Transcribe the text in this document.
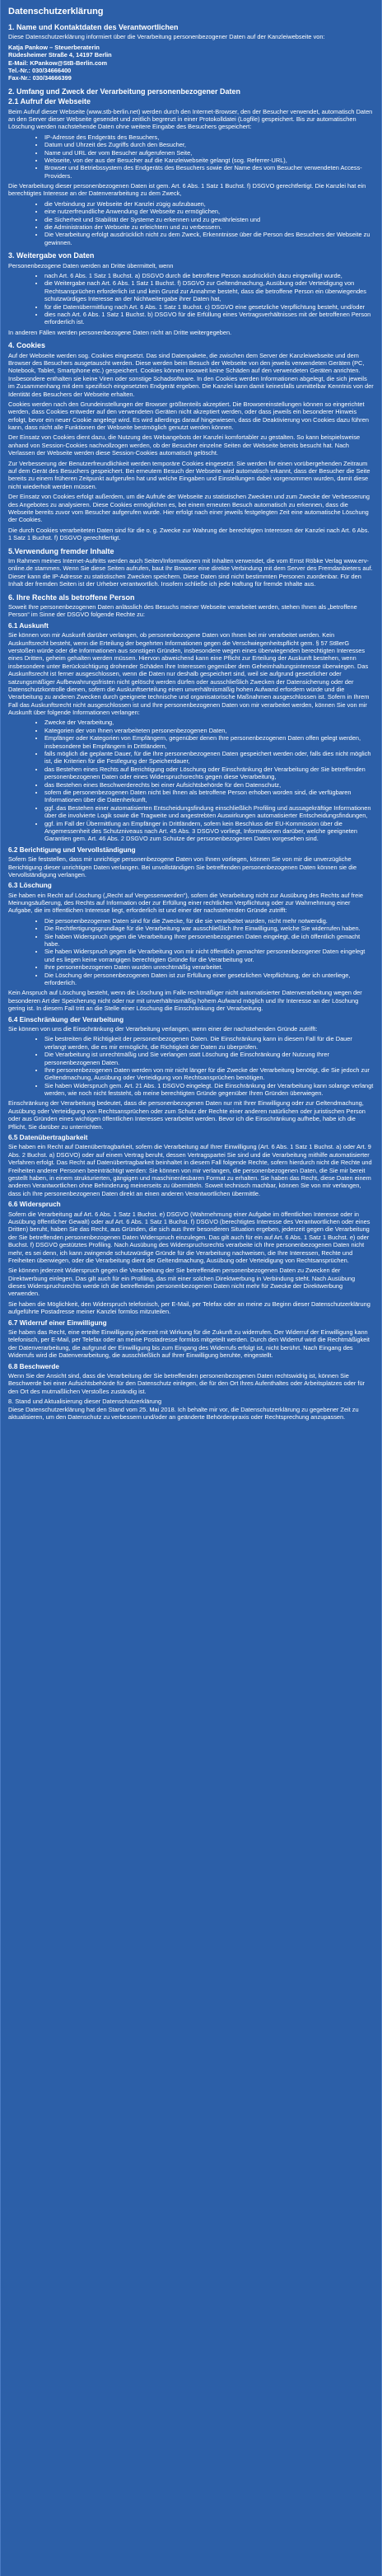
Datenschutzerklärung
1. Name und Kontaktdaten des Verantwortlichen

Diese Datenschutzerklärung informiert über die Verarbeitung personenbezogener Daten auf der Kanzleiwebseite von:

Katja Pankow – Steuerberaterin
Rüdesheimer Straße 4, 14197 Berlin
E-Mail: KPankow@StB-Berlin.com
Tel.-Nr.: 030/34666400
Fax-Nr.: 030/34666399
2. Umfang und Zweck der Verarbeitung personenbezogener Daten
2.1 Aufruf der Webseite

Beim Aufruf dieser Webseite (www.stb-berlin.net) werden durch den Internet-Browser, den der Besucher verwendet, automatisch Daten an den Server dieser Webseite gesendet und zeitlich begrenzt in einer Protokolldatei (Logfile) gespeichert. Bis zur automatischen Löschung werden nachstehende Daten ohne weitere Eingabe des Besuchers gespeichert:

• IP-Adresse des Endgeräts des Besuchers,
• Datum und Uhrzeit des Zugriffs durch den Besucher,
• Name und URL der vom Besucher aufgerufenen Seite,
• Webseite, von der aus der Besucher auf die Kanzleiwebseite gelangt (sog. Referrer-URL),
• Browser und Betriebssystem des Endgeräts des Besuchers sowie der Name des vom Besucher verwendeten Access-Providers.

Die Verarbeitung dieser personenbezogenen Daten ist gem. Art. 6 Abs. 1 Satz 1 Buchst. f) DSGVO gerechtfertigt. Die Kanzlei hat ein berechtigtes Interesse an der Datenverarbeitung zu dem Zweck,

• die Verbindung zur Webseite der Kanzlei zügig aufzubauen,
• eine nutzerfreundliche Anwendung der Webseite zu ermöglichen,
• die Sicherheit und Stabilität der Systeme zu erkennen und zu gewährleisten und
• die Administration der Webseite zu erleichtern und zu verbessern.
• Die Verarbeitung erfolgt ausdrücklich nicht zu dem Zweck, Erkenntnisse über die Person des Besuchers der Webseite zu gewinnen.
3. Weitergabe von Daten

Personenbezogene Daten werden an Dritte übermittelt, wenn

• nach Art. 6 Abs. 1 Satz 1 Buchst. a) DSGVO durch die betroffene Person ausdrücklich dazu eingewilligt wurde,
• die Weitergabe nach Art. 6 Abs. 1 Satz 1 Buchst. f) DSGVO zur Geltendmachung, Ausübung oder Verteidigung von Rechtsansprüchen erforderlich ist und kein Grund zur Annahme besteht, dass die betroffene Person ein überwiegendes schutzwürdiges Interesse an der Nichtweitergabe ihrer Daten hat,
• für die Datenübermittlung nach Art. 6 Abs. 1 Satz 1 Buchst. c) DSGVO eine gesetzliche Verpflichtung besteht, und/oder
• dies nach Art. 6 Abs. 1 Satz 1 Buchst. b) DSGVO für die Erfüllung eines Vertragsverhältnisses mit der betroffenen Person erforderlich ist.

In anderen Fällen werden personenbezogene Daten nicht an Dritte weitergegeben.

4. Cookies

Auf der Webseite werden sog. Cookies eingesetzt. Das sind Datenpakete, die zwischen dem Server der Kanzleiwebseite und dem Browser des Besuchers ausgetauscht werden. Diese werden beim Besuch der Webseite von den jeweils verwendeten Geräten (PC, Notebook, Tablet, Smartphone etc.) gespeichert. Cookies können insoweit keine Schäden auf den verwendeten Geräten anrichten. Insbesondere enthalten sie keine Viren oder sonstige Schadsoftware. In den Cookies werden Informationen abgelegt, die sich jeweils im Zusammenhang mit dem spezifisch eingesetzten Endgerät ergeben. Die Kanzlei kann damit keinesfalls unmittelbar Kenntnis von der Identität des Besuchers der Webseite erhalten.

Cookies werden nach den Grundeinstellungen der Browser größtenteils akzeptiert. Die Browsereinstellungen können so eingerichtet werden, dass Cookies entweder auf den verwendeten Geräten nicht akzeptiert werden, oder dass jeweils ein besonderer Hinweis erfolgt, bevor ein neuer Cookie angelegt wird. Es wird allerdings darauf hingewiesen, dass die Deaktivierung von Cookies dazu führen kann, dass nicht alle Funktionen der Webseite bestmöglich genutzt werden können.

Der Einsatz von Cookies dient dazu, die Nutzung des Webangebots der Kanzlei komfortabler zu gestalten. So kann beispielsweise anhand von Session-Cookies nachvollzogen werden, ob der Besucher einzelne Seiten der Webseite bereits besucht hat. Nach Verlassen der Webseite werden diese Session-Cookies automatisch gelöscht.

Zur Verbesserung der Benutzerfreundlichkeit werden temporäre Cookies eingesetzt. Sie werden für einen vorübergehenden Zeitraum auf dem Gerät des Besuchers gespeichert. Bei erneutem Besuch der Webseite wird automatisch erkannt, dass der Besucher die Seite bereits zu einem früheren Zeitpunkt aufgerufen hat und welche Eingaben und Einstellungen dabei vorgenommen wurden, damit diese nicht wiederholt werden müssen.

Der Einsatz von Cookies erfolgt außerdem, um die Aufrufe der Webseite zu statistischen Zwecken und zum Zwecke der Verbesserung des Angebotes zu analysieren. Diese Cookies ermöglichen es, bei einem erneuten Besuch automatisch zu erkennen, dass die Webseite bereits zuvor vom Besucher aufgerufen wurde. Hier erfolgt nach einer jeweils festgelegten Zeit eine automatische Löschung der Cookies.

Die durch Cookies verarbeiteten Daten sind für die o. g. Zwecke zur Wahrung der berechtigten Interessen der Kanzlei nach Art. 6 Abs. 1 Satz 1 Buchst. f) DSGVO gerechtfertigt.

5.Verwendung fremder Inhalte

Im Rahmen meines Internet-Auftritts werden auch Seiten/Informationen mit Inhalten verwendet, die vom Ernst Röbke Verlag www.erv-online.de stammen. Wenn Sie diese Seiten aufrufen, baut Ihr Browser eine direkte Verbindung mit dem Server des Fremdanbieters auf. Dieser kann die IP-Adresse zu statistischen Zwecken speichern. Diese Daten sind nicht bestimmten Personen zuordenbar. Für den Inhalt der fremden Seiten ist der Urheber verantwortlich. Insofern schließe ich jede Haftung für fremde Inhalte aus.

6. Ihre Rechte als betroffene Person

Soweit Ihre personenbezogenen Daten anlässlich des Besuchs meiner Webseite verarbeitet werden, stehen Ihnen als „betroffene Person“ im Sinne der DSGVO folgende Rechte zu:

6.1 Auskunft

Sie können von mir Auskunft darüber verlangen, ob personenbezogene Daten von Ihnen bei mir verarbeitet werden. Kein Auskunftsrecht besteht, wenn die Erteilung der begehrten Informationen gegen die Verschwiegenheitspflicht gem. § 57 StBerG verstoßen würde oder die Informationen aus sonstigen Gründen, insbesondere wegen eines überwiegenden berechtigten Interesses eines Dritten, geheim gehalten werden müssen. Hiervon abweichend kann eine Pflicht zur Erteilung der Auskunft bestehen, wenn insbesondere unter Berücksichtigung drohender Schäden Ihre Interessen gegenüber dem Geheimhaltungsinteresse überwiegen. Das Auskunftsrecht ist ferner ausgeschlossen, wenn die Daten nur deshalb gespeichert sind, weil sie aufgrund gesetzlicher oder satzungsmäßiger Aufbewahrungsfristen nicht gelöscht werden dürfen oder ausschließlich Zwecken der Datensicherung oder der Datenschutzkontrolle dienen, sofern die Auskunftserteilung einen unverhältnismäßig hohen Aufwand erfordern würde und die Verarbeitung zu anderen Zwecken durch geeignete technische und organisatorische Maßnahmen ausgeschlossen ist. Sofern in Ihrem Fall das Auskunftsrecht nicht ausgeschlossen ist und Ihre personenbezogenen Daten von mir verarbeitet werden, können Sie von mir Auskunft über folgende Informationen verlangen:

• Zwecke der Verarbeitung,
• Kategorien der von Ihnen verarbeiteten personenbezogenen Daten,
• Empfänger oder Kategorien von Empfängern, gegenüber denen Ihre personenbezogenen Daten offen gelegt werden, insbesondere bei Empfängern in Drittländern,
• falls möglich die geplante Dauer, für die Ihre personenbezogenen Daten gespeichert werden oder, falls dies nicht möglich ist, die Kriterien für die Festlegung der Speicherdauer,
• das Bestehen eines Rechts auf Berichtigung oder Löschung oder Einschränkung der Verarbeitung der Sie betreffenden personenbezogenen Daten oder eines Widerspruchsrechts gegen diese Verarbeitung,
• das Bestehen eines Beschwerderechts bei einer Aufsichtsbehörde für den Datenschutz,
• sofern die personenbezogenen Daten nicht bei Ihnen als betroffene Person erhoben worden sind, die verfügbaren Informationen über die Datenherkunft,
• ggf. das Bestehen einer automatisierten Entscheidungsfindung einschließlich Profiling und aussagekräftige Informationen über die involvierte Logik sowie die Tragweite und angestrebten Auswirkungen automatisierter Entscheidungsfindungen,
• ggf. im Fall der Übermittlung an Empfänger in Drittländern, sofern kein Beschluss der EU-Kommission über die Angemessenheit des Schutzniveaus nach Art. 45 Abs. 3 DSGVO vorliegt, Informationen darüber, welche geeigneten Garantien gem. Art. 46 Abs. 2 DSGVO zum Schutze der personenbezogenen Daten vorgesehen sind.
6.2 Berichtigung und Vervollständigung

Sofern Sie feststellen, dass mir unrichtige personenbezogene Daten von Ihnen vorliegen, können Sie von mir die unverzügliche Berichtigung dieser unrichtigen Daten verlangen. Bei unvollständigen Sie betreffenden personenbezogenen Daten können sie die Vervollständigung verlangen.

6.3 Löschung

Sie haben ein Recht auf Löschung („Recht auf Vergessenwerden“), sofern die Verarbeitung nicht zur Ausübung des Rechts auf freie Meinungsäußerung, des Rechts auf Information oder zur Erfüllung einer rechtlichen Verpflichtung oder zur Wahrnehmung einer Aufgabe, die im öffentlichen Interesse liegt, erforderlich ist und einer der nachstehenden Gründe zutrifft:

• Die personenbezogenen Daten sind für die Zwecke, für die sie verarbeitet wurden, nicht mehr notwendig.
• Die Rechtfertigungsgrundlage für die Verarbeitung war ausschließlich Ihre Einwilligung, welche Sie widerrufen haben.
• Sie haben Widerspruch gegen die Verarbeitung Ihrer personenbezogenen Daten eingelegt, die ich öffentlich gemacht habe.
• Sie haben Widerspruch gegen die Verarbeitung von mir nicht öffentlich gemachter personenbezogener Daten eingelegt und es liegen keine vorrangigen berechtigten Gründe für die Verarbeitung vor.
• Ihre personenbezogenen Daten wurden unrechtmäßig verarbeitet.
• Die Löschung der personenbezogenen Daten ist zur Erfüllung einer gesetzlichen Verpflichtung, der ich unterliege, erforderlich.

Kein Anspruch auf Löschung besteht, wenn die Löschung im Falle rechtmäßiger nicht automatisierter Datenverarbeitung wegen der besonderen Art der Speicherung nicht oder nur mit unverhältnismäßig hohem Aufwand möglich und Ihr Interesse an der Löschung gering ist. In diesem Fall tritt an die Stelle einer Löschung die Einschränkung der Verarbeitung.

6.4 Einschränkung der Verarbeitung

Sie können von uns die Einschränkung der Verarbeitung verlangen, wenn einer der nachstehenden Gründe zutrifft:

• Sie bestreiten die Richtigkeit der personenbezogenen Daten. Die Einschränkung kann in diesem Fall für die Dauer verlangt werden, die es mir ermöglicht, die Richtigkeit der Daten zu überprüfen.
• Die Verarbeitung ist unrechtmäßig und Sie verlangen statt Löschung die Einschränkung der Nutzung Ihrer personenbezogenen Daten.
• Ihre personenbezogenen Daten werden von mir nicht länger für die Zwecke der Verarbeitung benötigt, die Sie jedoch zur Geltendmachung, Ausübung oder Verteidigung von Rechtsansprüchen benötigen.
• Sie haben Widerspruch gem. Art. 21 Abs. 1 DSGVO eingelegt. Die Einschränkung der Verarbeitung kann solange verlangt werden, wie noch nicht feststeht, ob meine berechtigten Gründe gegenüber Ihren Gründen überwiegen.

Einschränkung der Verarbeitung bedeutet, dass die personenbezogenen Daten nur mit Ihrer Einwilligung oder zur Geltendmachung, Ausübung oder Verteidigung von Rechtsansprüchen oder zum Schutz der Rechte einer anderen natürlichen oder juristischen Person oder aus Gründen eines wichtigen öffentlichen Interesses verarbeitet werden. Bevor ich die Einschränkung aufhebe, habe ich die Pflicht, Sie darüber zu unterrichten.

6.5 Datenübertragbarkeit

Sie haben ein Recht auf Datenübertragbarkeit, sofern die Verarbeitung auf Ihrer Einwilligung (Art. 6 Abs. 1 Satz 1 Buchst. a) oder Art. 9 Abs. 2 Buchst. a) DSGVO) oder auf einem Vertrag beruht, dessen Vertragspartei Sie sind und die Verarbeitung mithilfe automatisierter Verfahren erfolgt. Das Recht auf Datenübertragbarkeit beinhaltet in diesem Fall folgende Rechte, sofern hierdurch nicht die Rechte und Freiheiten anderer Personen beeinträchtigt werden: Sie können von mir verlangen, die personenbezogenen Daten, die Sie mir bereit gestellt haben, in einem strukturierten, gängigen und maschinenlesbaren Format zu erhalten. Sie haben das Recht, diese Daten einem anderen Verantwortlichen ohne Behinderung meinerseits zu übermitteln. Soweit technisch machbar, können Sie von mir verlangen, dass ich Ihre personenbezogenen Daten direkt an einen anderen Verantwortlichen übermittle.

6.6 Widerspruch

Sofern die Verarbeitung auf Art. 6 Abs. 1 Satz 1 Buchst. e) DSGVO (Wahrnehmung einer Aufgabe im öffentlichen Interesse oder in Ausübung öffentlicher Gewalt) oder auf Art. 6 Abs. 1 Satz 1 Buchst. f) DSGVO (berechtigtes Interesse des Verantwortlichen oder eines Dritten) beruht, haben Sie das Recht, aus Gründen, die sich aus Ihrer besonderen Situation ergeben, jederzeit gegen die Verarbeitung der Sie betreffenden personenbezogenen Daten Widerspruch einzulegen. Das gilt auch für ein auf Art. 6 Abs. 1 Satz 1 Buchst. e) oder Buchst. f) DSGVO gestütztes Profiling. Nach Ausübung des Widerspruchsrechts verarbeite ich Ihre personenbezogenen Daten nicht mehr, es sei denn, ich kann zwingende schutzwürdige Gründe für die Verarbeitung nachweisen, die Ihre Interessen, Rechte und Freiheiten überwiegen, oder die Verarbeitung dient der Geltendmachung, Ausübung oder Verteidigung von Rechtsansprüchen.

Sie können jederzeit Widerspruch gegen die Verarbeitung der Sie betreffenden personenbezogenen Daten zu Zwecken der Direktwerbung einlegen. Das gilt auch für ein Profiling, das mit einer solchen Direktwerbung in Verbindung steht. Nach Ausübung dieses Widerspruchsrechts werde ich die betreffenden personenbezogenen Daten nicht mehr für Zwecke der Direktwerbung verwenden.

Sie haben die Möglichkeit, den Widerspruch telefonisch, per E-Mail, per Telefax oder an meine zu Beginn dieser Datenschutzerklärung aufgeführte Postadresse meiner Kanzlei formlos mitzuteilen.

6.7 Widerruf einer Einwilligung

Sie haben das Recht, eine erteilte Einwilligung jederzeit mit Wirkung für die Zukunft zu widerrufen. Der Widerruf der Einwilligung kann telefonisch, per E-Mail, per Telefax oder an meine Postadresse formlos mitgeteilt werden. Durch den Widerruf wird die Rechtmäßigkeit der Datenverarbeitung, die aufgrund der Einwilligung bis zum Eingang des Widerrufs erfolgt ist, nicht berührt. Nach Eingang des Widerrufs wird die Datenverarbeitung, die ausschließlich auf Ihrer Einwilligung beruhte, eingestellt.

6.8 Beschwerde

Wenn Sie der Ansicht sind, dass die Verarbeitung der Sie betreffenden personenbezogenen Daten rechtswidrig ist, können Sie Beschwerde bei einer Aufsichtsbehörde für den Datenschutz einlegen, die für den Ort Ihres Aufenthaltes oder Arbeitsplatzes oder für den Ort des mutmaßlichen Verstoßes zuständig ist.

8. Stand und Aktualisierung dieser Datenschutzerklärung

Diese Datenschutzerklärung hat den Stand vom 25. Mai 2018. Ich behalte mir vor, die Datenschutzerklärung zu gegebener Zeit zu aktualisieren, um den Datenschutz zu verbessern und/oder an geänderte Behördenpraxis oder Rechtsprechung anzupassen.
